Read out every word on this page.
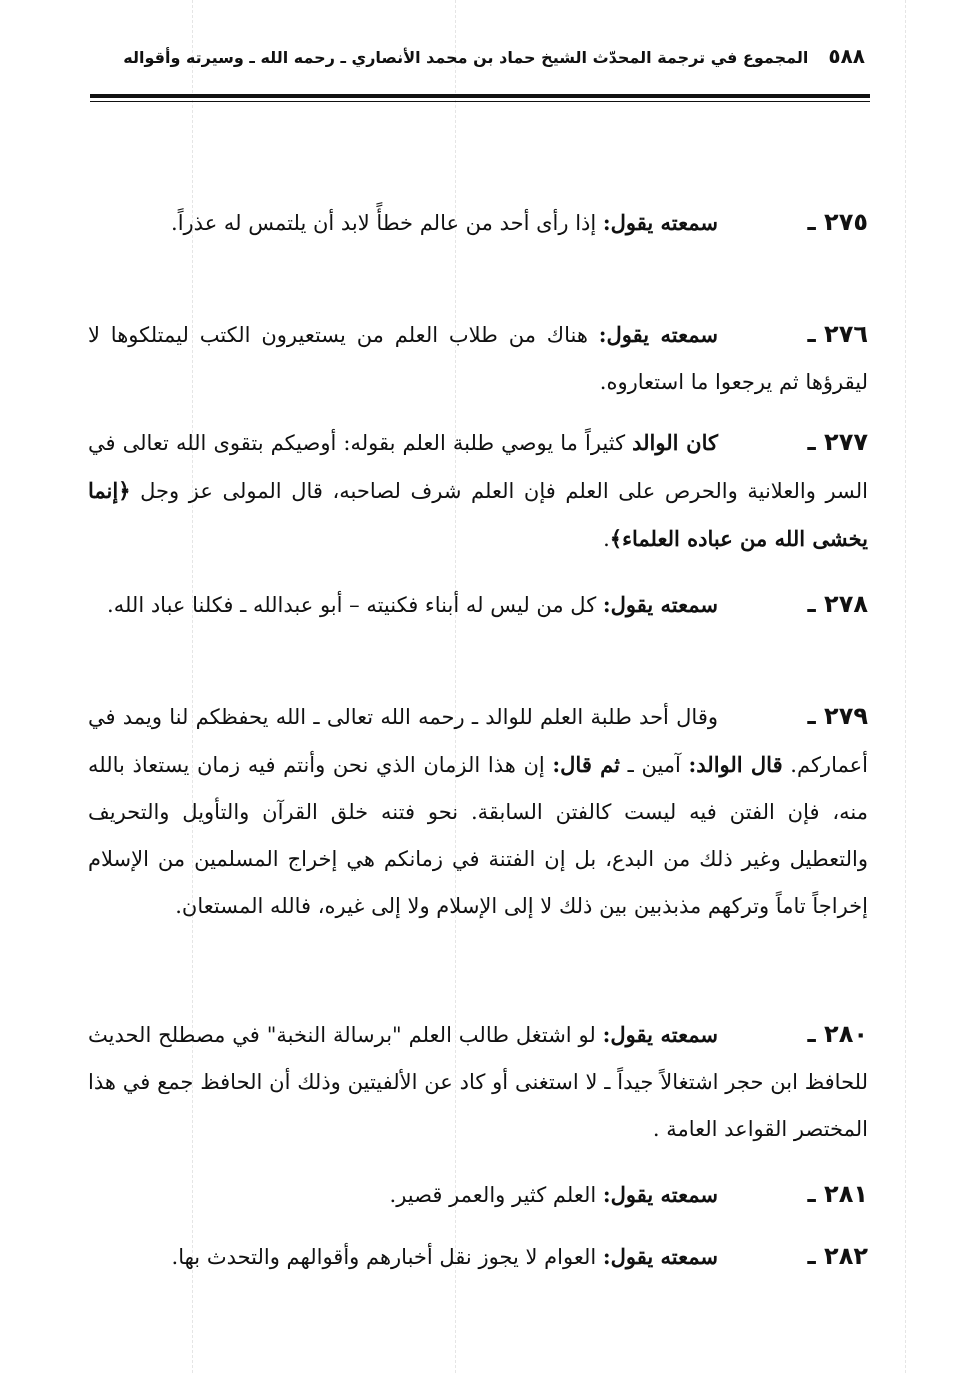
٥٨٨
المجموع في ترجمة المحدّث الشيخ حماد بن محمد الأنصاري ـ رحمه الله ـ وسيرته وأقواله

٢٧٥ ـسمعته يقول: إذا رأى أحد من عالم خطأً لابد أن يلتمس له عذراً.

٢٧٦ ـسمعته يقول: هناك من طلاب العلم من يستعيرون الكتب ليمتلكوها لا ليقرؤها ثم يرجعوا ما استعاروه.

٢٧٧ ـكان الوالد كثيراً ما يوصي طلبة العلم بقوله: أوصيكم بتقوى الله تعالى في السر والعلانية والحرص على العلم فإن العلم شرف لصاحبه، قال المولى عز وجل ﴿إنما يخشى الله من عباده العلماء﴾.

٢٧٨ ـسمعته يقول: كل من ليس له أبناء فكنيته – أبو عبدالله ـ فكلنا عباد الله.

٢٧٩ ـوقال أحد طلبة العلم للوالد ـ رحمه الله تعالى ـ الله يحفظكم لنا ويمد في أعماركم. قال الوالد: آمين ـ ثم قال: إن هذا الزمان الذي نحن وأنتم فيه زمان يستعاذ بالله منه، فإن الفتن فيه ليست كالفتن السابقة. نحو فتنه خلق القرآن والتأويل والتحريف والتعطيل وغير ذلك من البدع، بل إن الفتنة في زمانكم هي إخراج المسلمين من الإسلام إخراجاً تاماً وتركهم مذبذبين بين ذلك لا إلى الإسلام ولا إلى غيره، فالله المستعان.

٢٨٠ ـسمعته يقول: لو اشتغل طالب العلم "برسالة النخبة" في مصطلح الحديث للحافظ ابن حجر اشتغالاً جيداً ـ لا استغنى أو كاد عن الألفيتين وذلك أن الحافظ جمع في هذا المختصر القواعد العامة .

٢٨١ ـسمعته يقول: العلم كثير والعمر قصير.

٢٨٢ ـسمعته يقول: العوام لا يجوز نقل أخبارهم وأقوالهم والتحدث بها.
